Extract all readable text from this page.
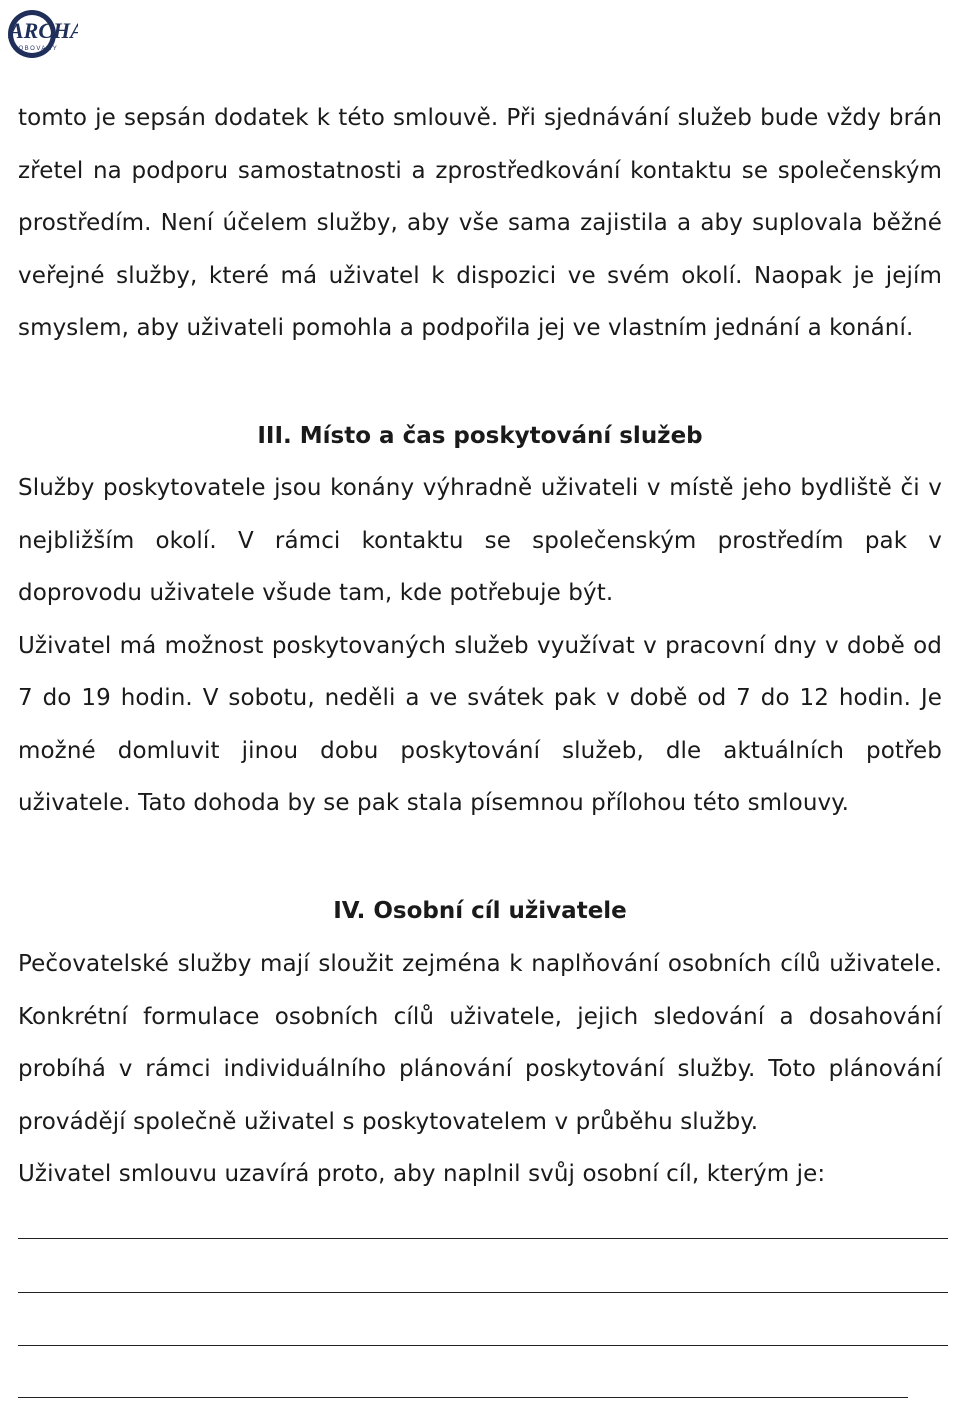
ARCHA
SOBOVANY

tomto je sepsán dodatek k této smlouvě. Při sjednávání služeb bude vždy brán zřetel na podporu samostatnosti a zprostředkování kontaktu se společenským prostředím. Není účelem služby, aby vše sama zajistila a aby suplovala běžné veřejné služby, které má uživatel k dispozici ve svém okolí. Naopak je jejím smyslem, aby uživateli pomohla a podpořila jej ve vlastním jednání a konání.

III. Místo a čas poskytování služeb

Služby poskytovatele jsou konány výhradně uživateli v místě jeho bydliště či v nejbližším okolí. V rámci kontaktu se společenským prostředím pak v doprovodu uživatele všude tam, kde potřebuje být.

Uživatel má možnost poskytovaných služeb využívat v pracovní dny v době od 7 do 19 hodin. V sobotu, neděli a ve svátek pak v době od 7 do 12 hodin. Je možné domluvit jinou dobu poskytování služeb, dle aktuálních potřeb uživatele. Tato dohoda by se pak stala písemnou přílohou této smlouvy.

IV. Osobní cíl uživatele

Pečovatelské služby mají sloužit zejména k naplňování osobních cílů uživatele. Konkrétní formulace osobních cílů uživatele, jejich sledování a dosahování probíhá v rámci individuálního plánování poskytování služby. Toto plánování provádějí společně uživatel s poskytovatelem v průběhu služby.

Uživatel smlouvu uzavírá proto, aby naplnil svůj osobní cíl, kterým je:
